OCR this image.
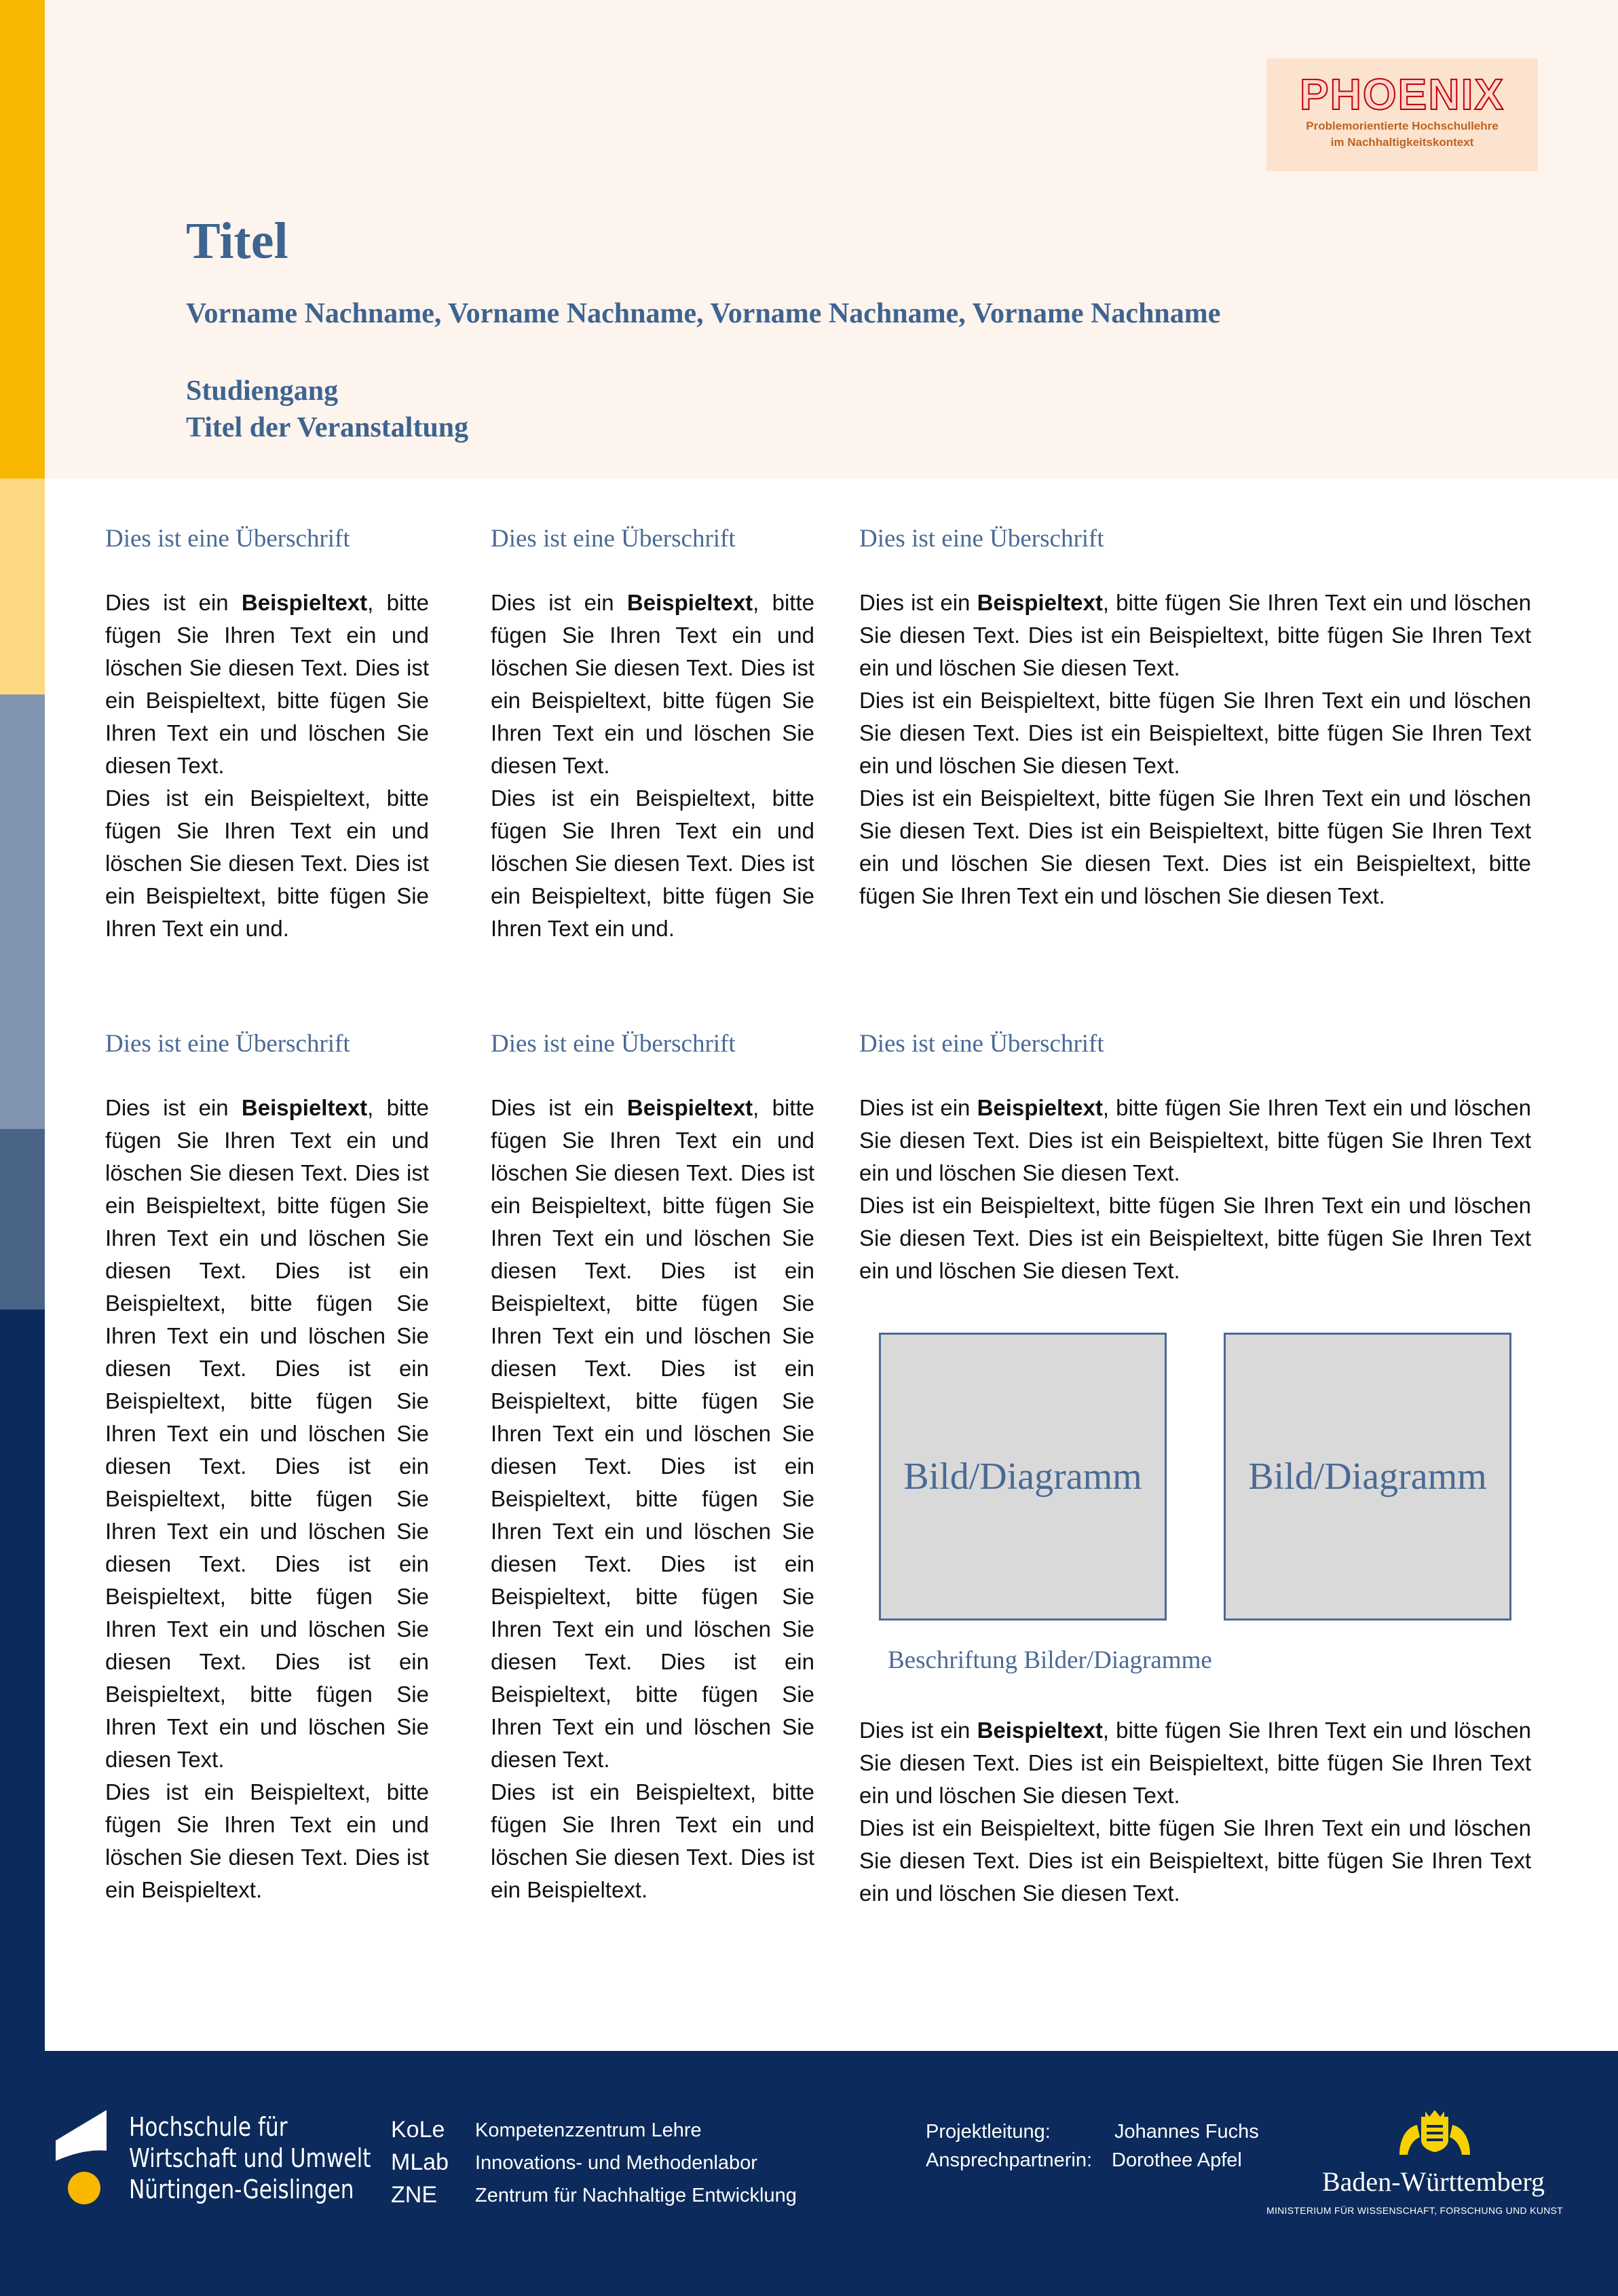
PHOENIX
Problemorientierte Hochschullehre
im Nachhaltigkeitskontext
Titel
Vorname Nachname, Vorname Nachname, Vorname Nachname, Vorname Nachname
Studiengang
Titel der Veranstaltung
Dies ist eine Überschrift

Dies ist ein Beispieltext, bitte fügen Sie Ihren Text ein und löschen Sie diesen Text. Dies ist ein Beispieltext, bitte fügen Sie Ihren Text ein und löschen Sie diesen Text.

Dies ist ein Beispieltext, bitte fügen Sie Ihren Text ein und löschen Sie diesen Text. Dies ist ein Beispieltext, bitte fügen Sie Ihren Text ein und.

Dies ist eine Überschrift

Dies ist ein Beispieltext, bitte fügen Sie Ihren Text ein und löschen Sie diesen Text. Dies ist ein Beispieltext, bitte fügen Sie Ihren Text ein und löschen Sie diesen Text.

Dies ist ein Beispieltext, bitte fügen Sie Ihren Text ein und löschen Sie diesen Text. Dies ist ein Beispieltext, bitte fügen Sie Ihren Text ein und.

Dies ist eine Überschrift

Dies ist ein Beispieltext, bitte fügen Sie Ihren Text ein und löschen Sie diesen Text. Dies ist ein Beispieltext, bitte fügen Sie Ihren Text ein und löschen Sie diesen Text.

Dies ist ein Beispieltext, bitte fügen Sie Ihren Text ein und löschen Sie diesen Text. Dies ist ein Beispieltext, bitte fügen Sie Ihren Text ein und löschen Sie diesen Text.

Dies ist ein Beispieltext, bitte fügen Sie Ihren Text ein und löschen Sie diesen Text. Dies ist ein Beispieltext, bitte fügen Sie Ihren Text ein und löschen Sie diesen Text. Dies ist ein Beispieltext, bitte fügen Sie Ihren Text ein und löschen Sie diesen Text.

Dies ist eine Überschrift

Dies ist ein Beispieltext, bitte fügen Sie Ihren Text ein und löschen Sie diesen Text. Dies ist ein Beispieltext, bitte fügen Sie Ihren Text ein und löschen Sie diesen Text. Dies ist ein Beispieltext, bitte fügen Sie Ihren Text ein und löschen Sie diesen Text. Dies ist ein Beispieltext, bitte fügen Sie Ihren Text ein und löschen Sie diesen Text. Dies ist ein Beispieltext, bitte fügen Sie Ihren Text ein und löschen Sie diesen Text. Dies ist ein Beispieltext, bitte fügen Sie Ihren Text ein und löschen Sie diesen Text. Dies ist ein Beispieltext, bitte fügen Sie Ihren Text ein und löschen Sie diesen Text.

Dies ist ein Beispieltext, bitte fügen Sie Ihren Text ein und löschen Sie diesen Text. Dies ist ein Beispieltext.

Dies ist eine Überschrift

Dies ist ein Beispieltext, bitte fügen Sie Ihren Text ein und löschen Sie diesen Text. Dies ist ein Beispieltext, bitte fügen Sie Ihren Text ein und löschen Sie diesen Text. Dies ist ein Beispieltext, bitte fügen Sie Ihren Text ein und löschen Sie diesen Text. Dies ist ein Beispieltext, bitte fügen Sie Ihren Text ein und löschen Sie diesen Text. Dies ist ein Beispieltext, bitte fügen Sie Ihren Text ein und löschen Sie diesen Text. Dies ist ein Beispieltext, bitte fügen Sie Ihren Text ein und löschen Sie diesen Text. Dies ist ein Beispieltext, bitte fügen Sie Ihren Text ein und löschen Sie diesen Text.

Dies ist ein Beispieltext, bitte fügen Sie Ihren Text ein und löschen Sie diesen Text. Dies ist ein Beispieltext.

Dies ist eine Überschrift

Dies ist ein Beispieltext, bitte fügen Sie Ihren Text ein und löschen Sie diesen Text. Dies ist ein Beispieltext, bitte fügen Sie Ihren Text ein und löschen Sie diesen Text.

Dies ist ein Beispieltext, bitte fügen Sie Ihren Text ein und löschen Sie diesen Text. Dies ist ein Beispieltext, bitte fügen Sie Ihren Text ein und löschen Sie diesen Text.

Bild/Diagramm	Bild/Diagramm
Beschriftung Bilder/Diagramme

Dies ist ein Beispieltext, bitte fügen Sie Ihren Text ein und löschen Sie diesen Text. Dies ist ein Beispieltext, bitte fügen Sie Ihren Text ein und löschen Sie diesen Text.

Dies ist ein Beispieltext, bitte fügen Sie Ihren Text ein und löschen Sie diesen Text. Dies ist ein Beispieltext, bitte fügen Sie Ihren Text ein und löschen Sie diesen Text.

Hochschule für
Wirtschaft und Umwelt
Nürtingen-Geislingen
KoLe Kompetenzzentrum Lehre
MLab Innovations- und Methodenlabor
ZNE Zentrum für Nachhaltige Entwicklung
Projektleitung:	Johannes Fuchs
Ansprechpartnerin: Dorothee Apfel
Baden-Württemberg
MINISTERIUM FÜR WISSENSCHAFT, FORSCHUNG UND KUNST
